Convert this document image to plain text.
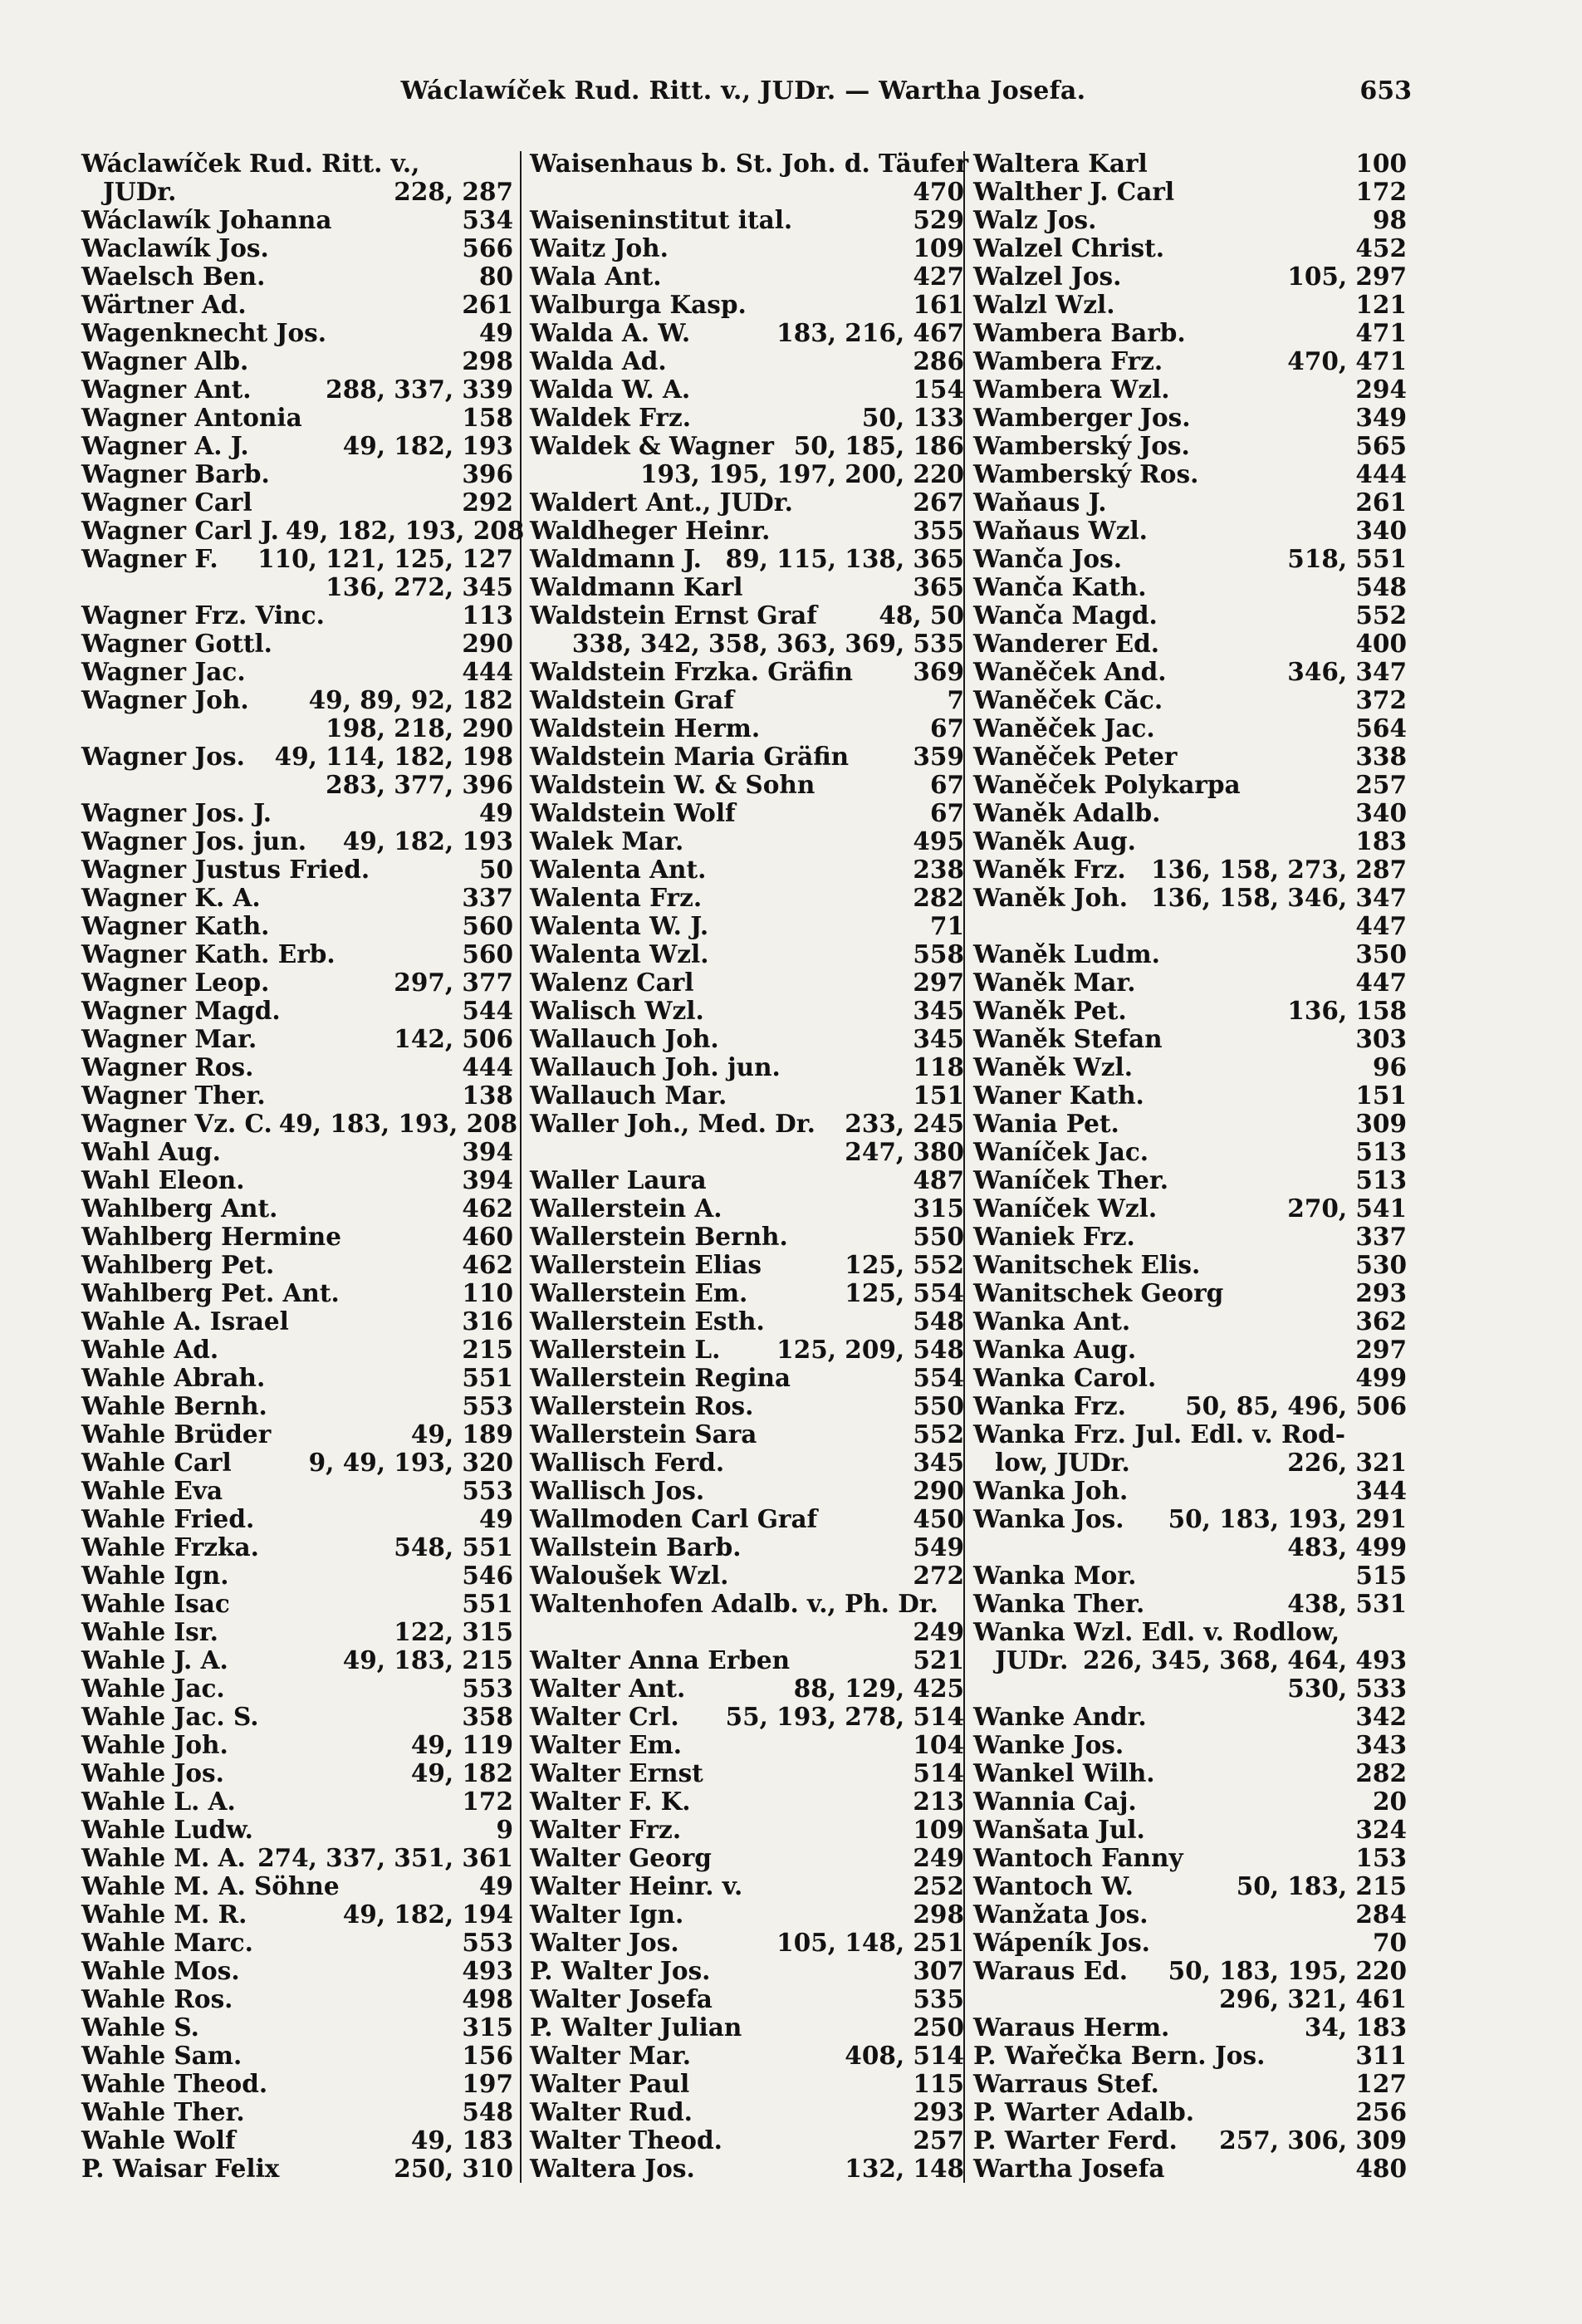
Wáclawíček Rud. Ritt. v., JUDr. — Wartha Josefa.	653
Wáclawíček Rud. Ritt. v.,
JUDr.	228, 287
Wáclawík Johanna	534
Waclawík Jos.	566
Waelsch Ben.	80
Wärtner Ad.	261
Wagenknecht Jos.	49
Wagner Alb.	298
Wagner Ant.	288, 337, 339
Wagner Antonia	158
Wagner A. J.	49, 182, 193
Wagner Barb.	396
Wagner Carl	292
Wagner Carl J. 49, 182, 193, 208
Wagner F. 110, 121, 125, 127
136, 272, 345
Wagner Frz. Vinc.	113
Wagner Gottl.	290
Wagner Jac.	444
Wagner Joh. 49, 89, 92, 182
198, 218, 290
Wagner Jos. 49, 114, 182, 198
283, 377, 396
Wagner Jos. J.	49
Wagner Jos. jun. 49, 182, 193
Wagner Justus Fried.	50
Wagner K. A.	337
Wagner Kath.	560
Wagner Kath. Erb.	560
Wagner Leop.	297, 377
Wagner Magd.	544
Wagner Mar.	142, 506
Wagner Ros.	444
Wagner Ther.	138
Wagner Vz. C. 49, 183, 193, 208
Wahl Aug.	394
Wahl Eleon.	394
Wahlberg Ant.	462
Wahlberg Hermine	460
Wahlberg Pet.	462
Wahlberg Pet. Ant.	110
Wahle A. Israel	316
Wahle Ad.	215
Wahle Abrah.	551
Wahle Bernh.	553
Wahle Brüder	49, 189
Wahle Carl	9, 49, 193, 320
Wahle Eva	553
Wahle Fried.	49
Wahle Frzka.	548, 551
Wahle Ign.	546
Wahle Isac	551
Wahle Isr.	122, 315
Wahle J. A.	49, 183, 215
Wahle Jac.	553
Wahle Jac. S.	358
Wahle Joh.	49, 119
Wahle Jos.	49, 182
Wahle L. A.	172
Wahle Ludw.	9
Wahle M. A. 274, 337, 351, 361
Wahle M. A. Söhne	49
Wahle M. R.	49, 182, 194
Wahle Marc.	553
Wahle Mos.	493
Wahle Ros.	498
Wahle S.	315
Wahle Sam.	156
Wahle Theod.	197
Wahle Ther.	548
Wahle Wolf	49, 183
P. Waisar Felix	250, 310
Waisenhaus b. St. Joh. d. Täufer
470
Waiseninstitut ital.	529
Waitz Joh.	109
Wala Ant.	427
Walburga Kasp.	161
Walda A. W.	183, 216, 467
Walda Ad.	286
Walda W. A.	154
Waldek Frz.	50, 133
Waldek & Wagner 50, 185, 186
193, 195, 197, 200, 220
Waldert Ant., JUDr.	267
Waldheger Heinr.	355
Waldmann J. 89, 115, 138, 365
Waldmann Karl	365
Waldstein Ernst Graf	48, 50
338, 342, 358, 363, 369, 535
Waldstein Frzka. Gräfin 369
Waldstein Graf	7
Waldstein Herm.	67
Waldstein Maria Gräfin	359
Waldstein W. & Sohn	67
Waldstein Wolf	67
Walek Mar.	495
Walenta Ant.	238
Walenta Frz.	282
Walenta W. J.	71
Walenta Wzl.	558
Walenz Carl	297
Walisch Wzl.	345
Wallauch Joh.	345
Wallauch Joh. jun.	118
Wallauch Mar.	151
Waller Joh., Med. Dr. 233, 245
247, 380
Waller Laura	487
Wallerstein A.	315
Wallerstein Bernh.	550
Wallerstein Elias	125, 552
Wallerstein Em.	125, 554
Wallerstein Esth.	548
Wallerstein L. 125, 209, 548
Wallerstein Regina	554
Wallerstein Ros.	550
Wallerstein Sara	552
Wallisch Ferd.	345
Wallisch Jos.	290
Wallmoden Carl Graf	450
Wallstein Barb.	549
Waloušek Wzl.	272
Waltenhofen Adalb. v., Ph. Dr.
249
Walter Anna Erben	521
Walter Ant.	88, 129, 425
Walter Crl. 55, 193, 278, 514
Walter Em.	104
Walter Ernst	514
Walter F. K.	213
Walter Frz.	109
Walter Georg	249
Walter Heinr. v.	252
Walter Ign.	298
Walter Jos.	105, 148, 251
P. Walter Jos.	307
Walter Josefa	535
P. Walter Julian	250
Walter Mar.	408, 514
Walter Paul	115
Walter Rud.	293
Walter Theod.	257
Waltera Jos.	132, 148
Waltera Karl	100
Walther J. Carl	172
Walz Jos.	98
Walzel Christ.	452
Walzel Jos.	105, 297
Walzl Wzl.	121
Wambera Barb.	471
Wambera Frz.	470, 471
Wambera Wzl.	294
Wamberger Jos.	349
Wamberský Jos.	565
Wamberský Ros.	444
Waňaus J.	261
Waňaus Wzl.	340
Wanča Jos.	518, 551
Wanča Kath.	548
Wanča Magd.	552
Wanderer Ed.	400
Waněček And.	346, 347
Waněček Căc.	372
Waněček Jac.	564
Waněček Peter	338
Waněček Polykarpa	257
Waněk Adalb.	340
Waněk Aug.	183
Waněk Frz. 136, 158, 273, 287
Waněk Joh. 136, 158, 346, 347
447
Waněk Ludm.	350
Waněk Mar.	447
Waněk Pet.	136, 158
Waněk Stefan	303
Waněk Wzl.	96
Waner Kath.	151
Wania Pet.	309
Waníček Jac.	513
Waníček Ther.	513
Waníček Wzl.	270, 541
Waniek Frz.	337
Wanitschek Elis.	530
Wanitschek Georg	293
Wanka Ant.	362
Wanka Aug.	297
Wanka Carol.	499
Wanka Frz. 50, 85, 496, 506
Wanka Frz. Jul. Edl. v. Rod-
low, JUDr.	226, 321
Wanka Joh.	344
Wanka Jos. 50, 183, 193, 291
483, 499
Wanka Mor.	515
Wanka Ther.	438, 531
Wanka Wzl. Edl. v. Rodlow,
JUDr. 226, 345, 368, 464, 493
530, 533
Wanke Andr.	342
Wanke Jos.	343
Wankel Wilh.	282
Wannia Caj.	20
Wanšata Jul.	324
Wantoch Fanny	153
Wantoch W.	50, 183, 215
Wanžata Jos.	284
Wápeník Jos.	70
Waraus Ed. 50, 183, 195, 220
296, 321, 461
Waraus Herm.	34, 183
P. Wařečka Bern. Jos.	311
Warraus Stef.	127
P. Warter Adalb.	256
P. Warter Ferd. 257, 306, 309
Wartha Josefa	480
